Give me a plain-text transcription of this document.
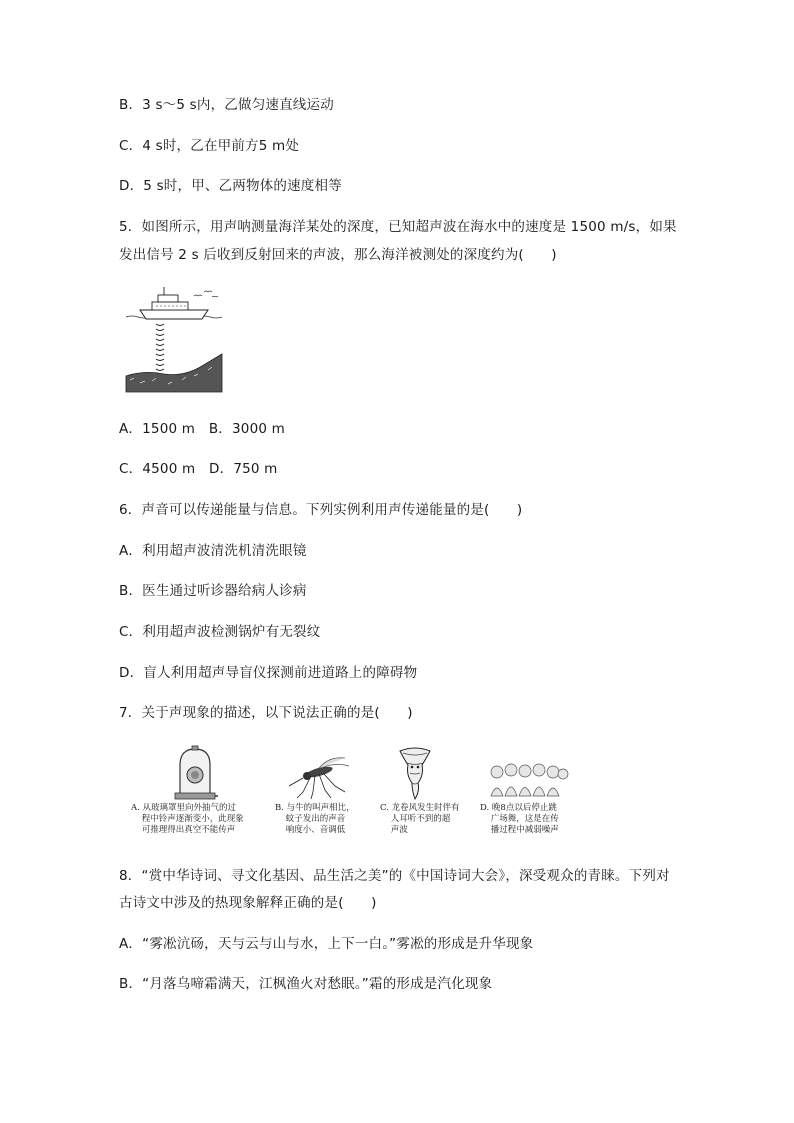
B．3 s～5 s内，乙做匀速直线运动
C．4 s时，乙在甲前方5 m处
D．5 s时，甲、乙两物体的速度相等
5．如图所示，用声呐测量海洋某处的深度，已知超声波在海水中的速度是 1500 m/s，如果
发出信号 2 s 后收到反射回来的声波，那么海洋被测处的深度约为(　　)
A．1500 m　B．3000 m
C．4500 m　D．750 m
6．声音可以传递能量与信息。下列实例利用声传递能量的是(　　)
A．利用超声波清洗机清洗眼镜
B．医生通过听诊器给病人诊病
C．利用超声波检测锅炉有无裂纹
D．盲人利用超声导盲仪探测前进道路上的障碍物
7．关于声现象的描述，以下说法正确的是(　　)
A. 从玻璃罩里向外抽气的过
程中铃声逐渐变小，此现象
可推理得出真空不能传声
B. 与牛的叫声相比，
蚊子发出的声音
响度小、音调低
C. 龙卷风发生时伴有
人耳听不到的超
声波
D. 晚8点以后停止跳
广场舞，这是在传
播过程中减弱噪声
8．“赏中华诗词、寻文化基因、品生活之美”的《中国诗词大会》，深受观众的青睐。下列对
古诗文中涉及的热现象解释正确的是(　　)
A．“雾凇沆砀，天与云与山与水，上下一白。”雾凇的形成是升华现象
B．“月落乌啼霜满天，江枫渔火对愁眠。”霜的形成是汽化现象
